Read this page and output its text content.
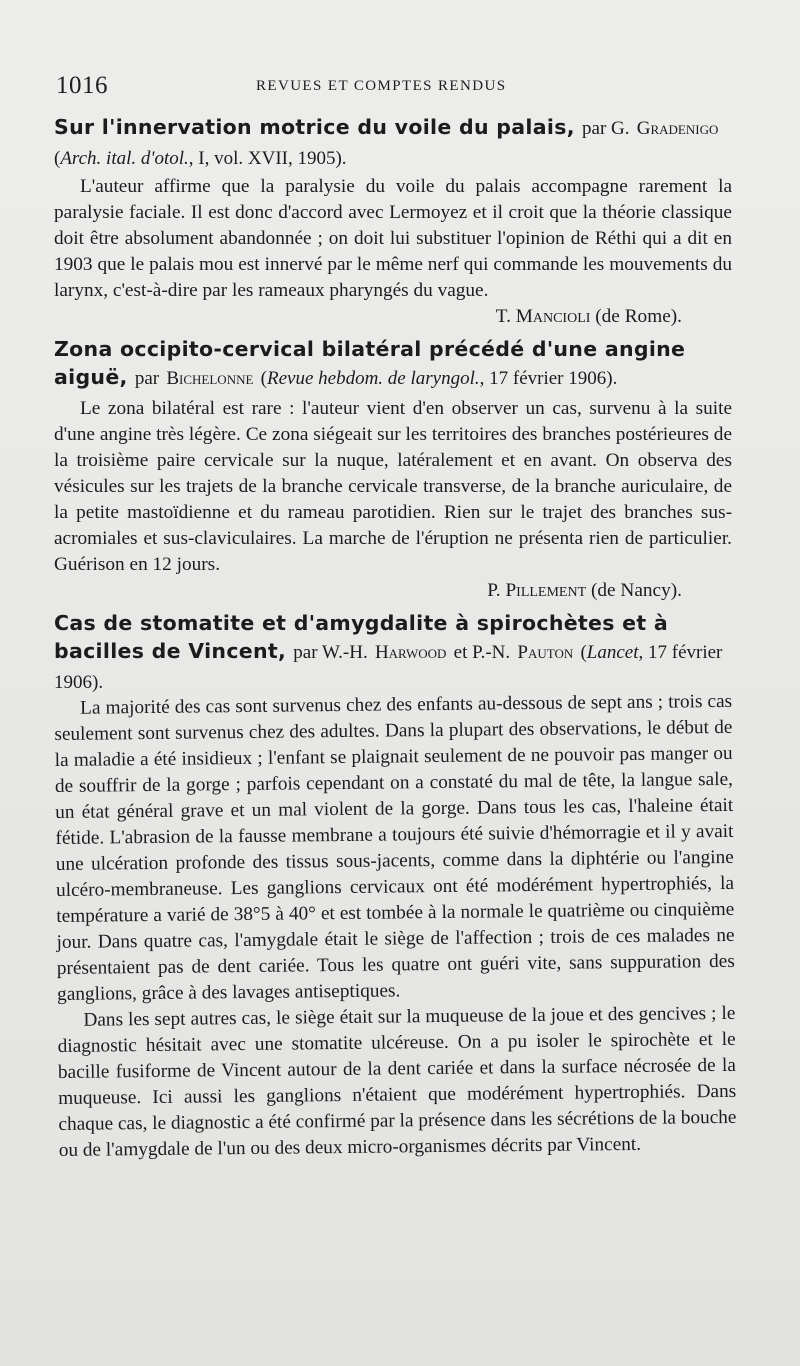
1016	REVUES ET COMPTES RENDUS
Sur l'innervation motrice du voile du palais, par G. Gradenigo (Arch. ital. d'otol., I, vol. XVII, 1905).

L'auteur affirme que la paralysie du voile du palais accompagne rarement la paralysie faciale. Il est donc d'accord avec Lermoyez et il croit que la théorie classique doit être absolument abandonnée ; on doit lui substituer l'opinion de Réthi qui a dit en 1903 que le palais mou est innervé par le même nerf qui commande les mouvements du larynx, c'est-à-dire par les rameaux pharyngés du vague.

T. Mancioli (de Rome).

Zona occipito-cervical bilatéral précédé d'une angine aiguë, par Bichelonne (Revue hebdom. de laryngol., 17 février 1906).

Le zona bilatéral est rare : l'auteur vient d'en observer un cas, survenu à la suite d'une angine très légère. Ce zona siégeait sur les territoires des branches postérieures de la troisième paire cervicale sur la nuque, latéralement et en avant. On observa des vésicules sur les trajets de la branche cervicale transverse, de la branche auriculaire, de la petite mastoïdienne et du rameau parotidien. Rien sur le trajet des branches sus-acromiales et sus-claviculaires. La marche de l'éruption ne présenta rien de particulier. Guérison en 12 jours.

P. Pillement (de Nancy).

Cas de stomatite et d'amygdalite à spirochètes et à bacilles de Vincent, par W.-H. Harwood et P.-N. Pauton (Lancet, 17 février 1906).

La majorité des cas sont survenus chez des enfants au-dessous de sept ans ; trois cas seulement sont survenus chez des adultes. Dans la plupart des observations, le début de la maladie a été insidieux ; l'enfant se plaignait seulement de ne pouvoir pas manger ou de souffrir de la gorge ; parfois cependant on a constaté du mal de tête, la langue sale, un état général grave et un mal violent de la gorge. Dans tous les cas, l'haleine était fétide. L'abrasion de la fausse membrane a toujours été suivie d'hémorragie et il y avait une ulcération profonde des tissus sous-jacents, comme dans la diphtérie ou l'angine ulcéro-membraneuse. Les ganglions cervicaux ont été modérément hypertrophiés, la température a varié de 38°5 à 40° et est tombée à la normale le quatrième ou cinquième jour. Dans quatre cas, l'amygdale était le siège de l'affection ; trois de ces malades ne présentaient pas de dent cariée. Tous les quatre ont guéri vite, sans suppuration des ganglions, grâce à des lavages antiseptiques.

Dans les sept autres cas, le siège était sur la muqueuse de la joue et des gencives ; le diagnostic hésitait avec une stomatite ulcéreuse. On a pu isoler le spirochète et le bacille fusiforme de Vincent autour de la dent cariée et dans la surface nécrosée de la muqueuse. Ici aussi les ganglions n'étaient que modérément hypertrophiés. Dans chaque cas, le diagnostic a été confirmé par la présence dans les sécrétions de la bouche ou de l'amygdale de l'un ou des deux micro-organismes décrits par Vincent.
